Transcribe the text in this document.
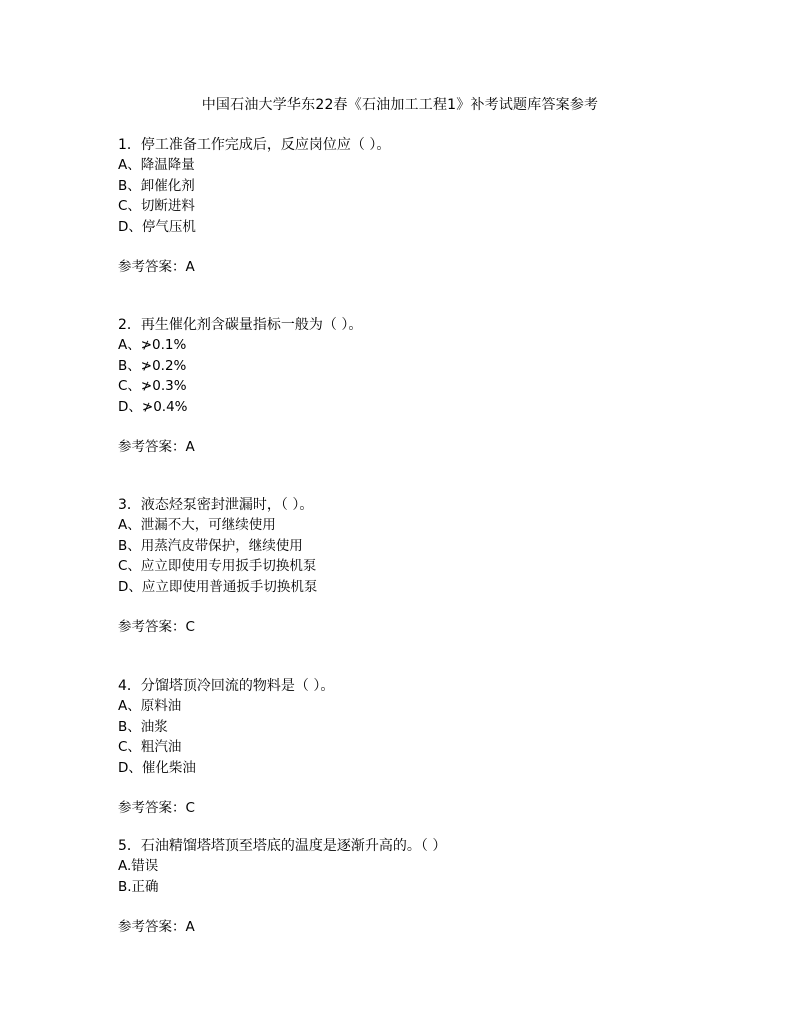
中国石油大学华东22春《石油加工工程1》补考试题库答案参考
1．停工准备工作完成后，反应岗位应（ ）。
A、降温降量
B、卸催化剂
C、切断进料
D、停气压机
参考答案：A
2．再生催化剂含碳量指标一般为（ ）。
A、≯0.1%
B、≯0.2%
C、≯0.3%
D、≯0.4%
参考答案：A
3．液态烃泵密封泄漏时，（ ）。
A、泄漏不大，可继续使用
B、用蒸汽皮带保护，继续使用
C、应立即使用专用扳手切换机泵
D、应立即使用普通扳手切换机泵
参考答案：C
4．分馏塔顶冷回流的物料是（ ）。
A、原料油
B、油浆
C、粗汽油
D、催化柴油
参考答案：C
5．石油精馏塔塔顶至塔底的温度是逐渐升高的。（ ）
A.错误
B.正确
参考答案：A
